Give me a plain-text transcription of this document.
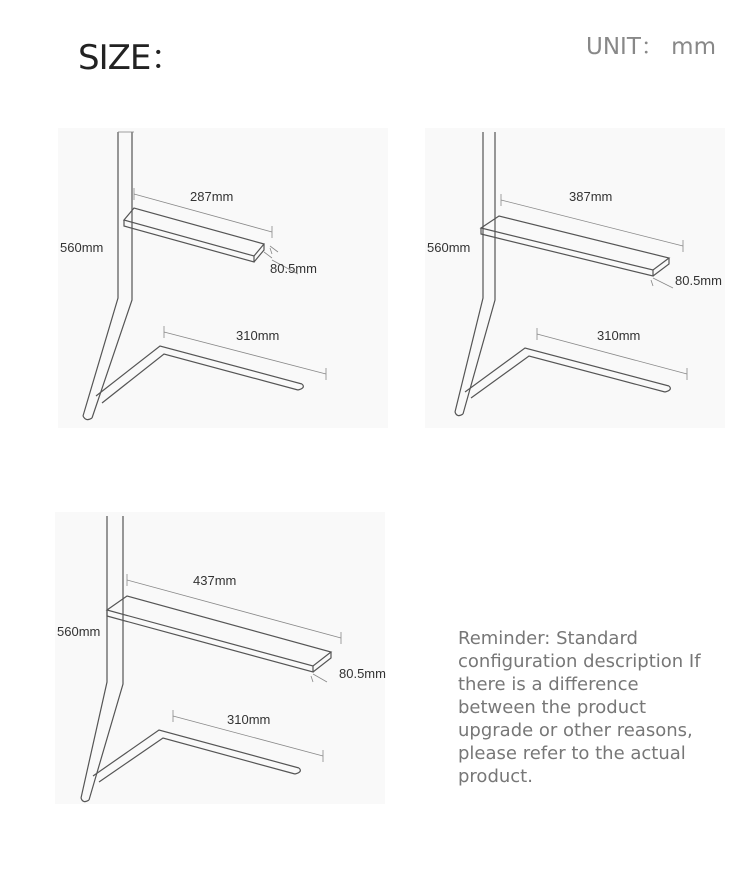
SIZE：	UNIT： mm
287mm
560mm
80.5mm
310mm
387mm
560mm
80.5mm
310mm
437mm
560mm
80.5mm
310mm
Reminder: Standard configuration description If there is a difference between the product upgrade or other reasons, please refer to the actual product.
